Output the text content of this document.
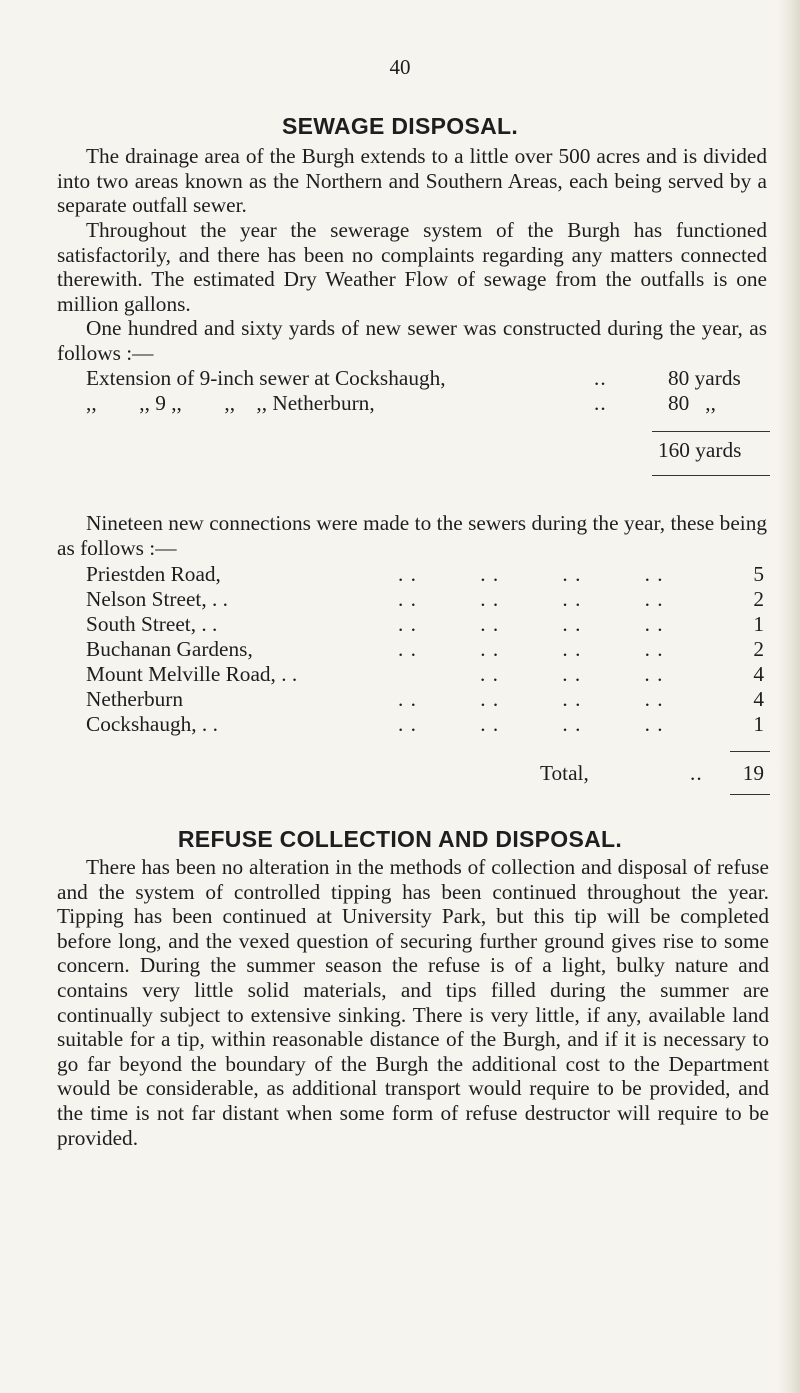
40
SEWAGE DISPOSAL.
The drainage area of the Burgh extends to a little over 500 acres and is divided into two areas known as the Northern and Southern Areas, each being served by a separate outfall sewer.
Throughout the year the sewerage system of the Burgh has functioned satisfactorily, and there has been no complaints regarding any matters connected therewith. The estimated Dry Weather Flow of sewage from the outfalls is one million gallons.
One hundred and sixty yards of new sewer was constructed during the year, as follows :—
Extension of 9-inch sewer at Cockshaugh,	..	80 yards
,,        ,, 9 ,,        ,,    ,, Netherburn,	..	80   ,,
160 yards
Nineteen new connections were made to the sewers during the year, these being as follows :—
Priestden Road,	. .          . .          . .          . .	5
Nelson Street, . .	. .          . .          . .          . .	2
South Street, . .	. .          . .          . .          . .	1
Buchanan Gardens,	. .          . .          . .          . .	2
Mount Melville Road, . .	. .          . .          . .	4
Netherburn	. .          . .          . .          . .	4
Cockshaugh, . .	. .          . .          . .          . .	1
Total,	..	19
REFUSE COLLECTION AND DISPOSAL.
There has been no alteration in the methods of collection and disposal of refuse and the system of controlled tipping has been continued throughout the year. Tipping has been continued at University Park, but this tip will be completed before long, and the vexed question of securing further ground gives rise to some concern. During the summer season the refuse is of a light, bulky nature and contains very little solid materials, and tips filled during the summer are continually subject to extensive sinking. There is very little, if any, available land suitable for a tip, within reasonable distance of the Burgh, and if it is necessary to go far beyond the boundary of the Burgh the additional cost to the Department would be considerable, as additional transport would require to be provided, and the time is not far distant when some form of refuse destructor will require to be provided.
